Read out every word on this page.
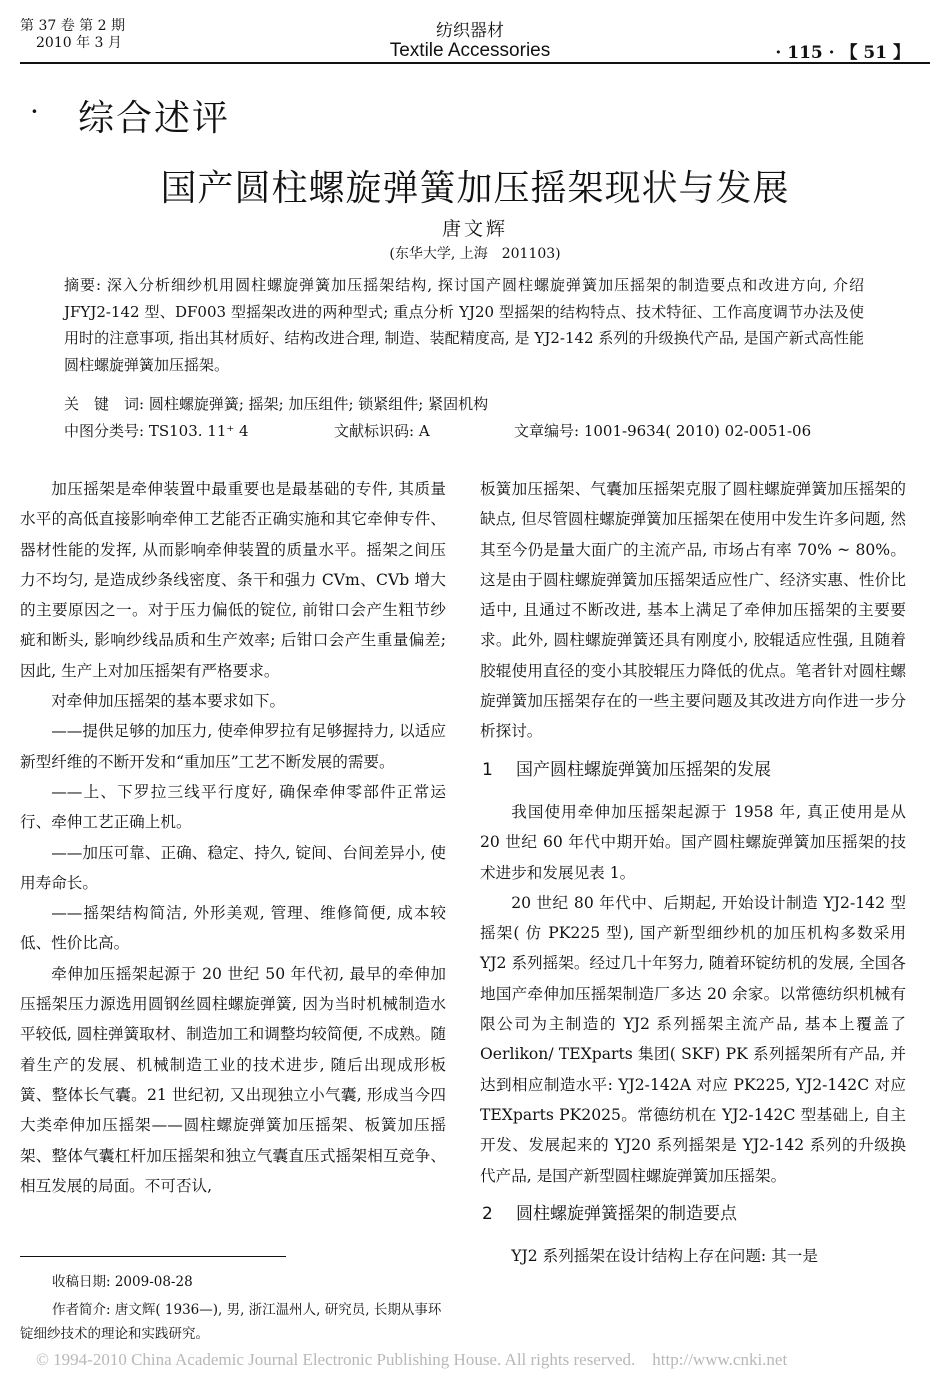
第 37 卷 第 2 期
2010 年 3 月
纺织器材
Textile Accessories	· 115 · 【 51 】
· 综合述评
国产圆柱螺旋弹簧加压摇架现状与发展
唐文辉
(东华大学, 上海　201103)
摘要: 深入分析细纱机用圆柱螺旋弹簧加压摇架结构, 探讨国产圆柱螺旋弹簧加压摇架的制造要点和改进方向, 介绍 JFYJ2-142 型、DF003 型摇架改进的两种型式; 重点分析 YJ20 型摇架的结构特点、技术特征、工作高度调节办法及使用时的注意事项, 指出其材质好、结构改进合理, 制造、装配精度高, 是 YJ2-142 系列的升级换代产品, 是国产新式高性能圆柱螺旋弹簧加压摇架。
关　键　词: 圆柱螺旋弹簧; 摇架; 加压组件; 锁紧组件; 紧固机构
中图分类号: TS103. 11⁺ 4	文献标识码: A	文章编号: 1001-9634( 2010) 02-0051-06

加压摇架是牵伸装置中最重要也是最基础的专件, 其质量水平的高低直接影响牵伸工艺能否正确实施和其它牵伸专件、器材性能的发挥, 从而影响牵伸装置的质量水平。摇架之间压力不均匀, 是造成纱条线密度、条干和强力 CVm、CVb 增大的主要原因之一。对于压力偏低的锭位, 前钳口会产生粗节纱疵和断头, 影响纱线品质和生产效率; 后钳口会产生重量偏差; 因此, 生产上对加压摇架有严格要求。

对牵伸加压摇架的基本要求如下。

——提供足够的加压力, 使牵伸罗拉有足够握持力, 以适应新型纤维的不断开发和“重加压”工艺不断发展的需要。

——上、下罗拉三线平行度好, 确保牵伸零部件正常运行、牵伸工艺正确上机。

——加压可靠、正确、稳定、持久, 锭间、台间差异小, 使用寿命长。

——摇架结构简洁, 外形美观, 管理、维修简便, 成本较低、性价比高。

牵伸加压摇架起源于 20 世纪 50 年代初, 最早的牵伸加压摇架压力源选用圆钢丝圆柱螺旋弹簧, 因为当时机械制造水平较低, 圆柱弹簧取材、制造加工和调整均较简便, 不成熟。随着生产的发展、机械制造工业的技术进步, 随后出现成形板簧、整体长气囊。21 世纪初, 又出现独立小气囊, 形成当今四大类牵伸加压摇架——圆柱螺旋弹簧加压摇架、板簧加压摇架、整体气囊杠杆加压摇架和独立气囊直压式摇架相互竞争、相互发展的局面。不可否认,

板簧加压摇架、气囊加压摇架克服了圆柱螺旋弹簧加压摇架的缺点, 但尽管圆柱螺旋弹簧加压摇架在使用中发生许多问题, 然其至今仍是量大面广的主流产品, 市场占有率 70% ~ 80%。这是由于圆柱螺旋弹簧加压摇架适应性广、经济实惠、性价比适中, 且通过不断改进, 基本上满足了牵伸加压摇架的主要要求。此外, 圆柱螺旋弹簧还具有刚度小, 胶辊适应性强, 且随着胶辊使用直径的变小其胶辊压力降低的优点。笔者针对圆柱螺旋弹簧加压摇架存在的一些主要问题及其改进方向作进一步分析探讨。

1 国产圆柱螺旋弹簧加压摇架的发展

我国使用牵伸加压摇架起源于 1958 年, 真正使用是从 20 世纪 60 年代中期开始。国产圆柱螺旋弹簧加压摇架的技术进步和发展见表 1。

20 世纪 80 年代中、后期起, 开始设计制造 YJ2-142 型摇架( 仿 PK225 型), 国产新型细纱机的加压机构多数采用 YJ2 系列摇架。经过几十年努力, 随着环锭纺机的发展, 全国各地国产牵伸加压摇架制造厂多达 20 余家。以常德纺织机械有限公司为主制造的 YJ2 系列摇架主流产品, 基本上覆盖了 Oerlikon/ TEXparts 集团( SKF) PK 系列摇架所有产品, 并达到相应制造水平: YJ2-142A 对应 PK225, YJ2-142C 对应 TEXparts PK2025。常德纺机在 YJ2-142C 型基础上, 自主开发、发展起来的 YJ20 系列摇架是 YJ2-142 系列的升级换代产品, 是国产新型圆柱螺旋弹簧加压摇架。

2 圆柱螺旋弹簧摇架的制造要点

YJ2 系列摇架在设计结构上存在问题: 其一是

收稿日期: 2009-08-28
作者简介: 唐文辉( 1936—), 男, 浙江温州人, 研究员, 长期从事环锭细纱技术的理论和实践研究。
© 1994-2010 China Academic Journal Electronic Publishing House. All rights reserved.　http://www.cnki.net
